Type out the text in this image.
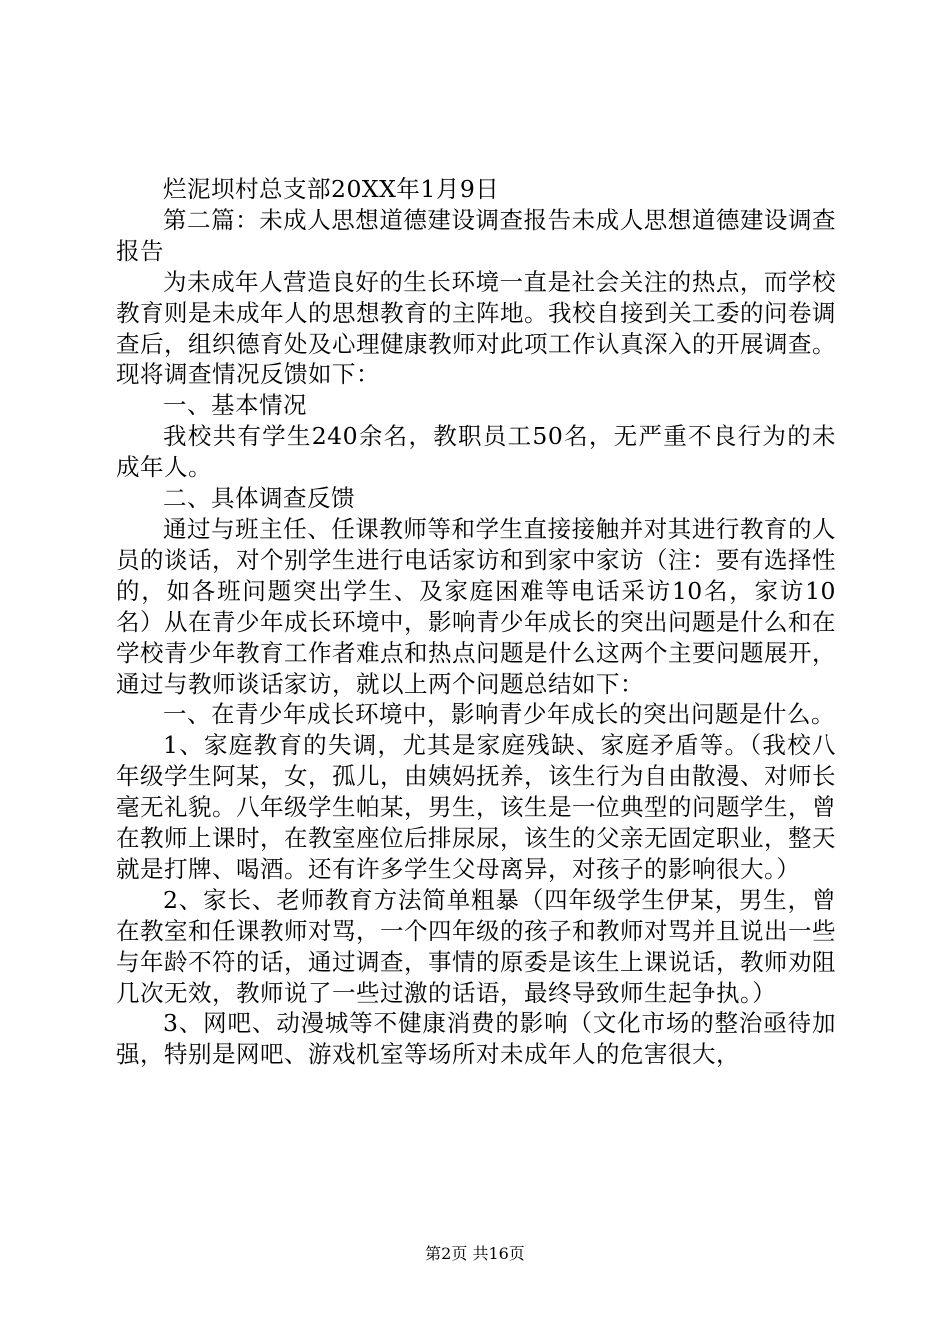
烂泥坝村总支部20XX年1月9日

第二篇：未成人思想道德建设调查报告未成人思想道德建设调查报告

为未成年人营造良好的生长环境一直是社会关注的热点，而学校教育则是未成年人的思想教育的主阵地。我校自接到关工委的问卷调查后，组织德育处及心理健康教师对此项工作认真深入的开展调查。现将调查情况反馈如下：

一、基本情况

我校共有学生240余名，教职员工50名，无严重不良行为的未成年人。

二、具体调查反馈

通过与班主任、任课教师等和学生直接接触并对其进行教育的人员的谈话，对个别学生进行电话家访和到家中家访（注：要有选择性的，如各班问题突出学生、及家庭困难等电话采访10名，家访10名）从在青少年成长环境中，影响青少年成长的突出问题是什么和在学校青少年教育工作者难点和热点问题是什么这两个主要问题展开，通过与教师谈话家访，就以上两个问题总结如下：

一、在青少年成长环境中，影响青少年成长的突出问题是什么。

1、家庭教育的失调，尤其是家庭残缺、家庭矛盾等。（我校八年级学生阿某，女，孤儿，由姨妈抚养，该生行为自由散漫、对师长毫无礼貌。八年级学生帕某，男生，该生是一位典型的问题学生，曾在教师上课时，在教室座位后排尿尿，该生的父亲无固定职业，整天就是打牌、喝酒。还有许多学生父母离异，对孩子的影响很大。）

2、家长、老师教育方法简单粗暴（四年级学生伊某，男生，曾在教室和任课教师对骂，一个四年级的孩子和教师对骂并且说出一些与年龄不符的话，通过调查，事情的原委是该生上课说话，教师劝阻几次无效，教师说了一些过激的话语，最终导致师生起争执。）

3、网吧、动漫城等不健康消费的影响（文化市场的整治亟待加强，特别是网吧、游戏机室等场所对未成年人的危害很大，

第2页 共16页
